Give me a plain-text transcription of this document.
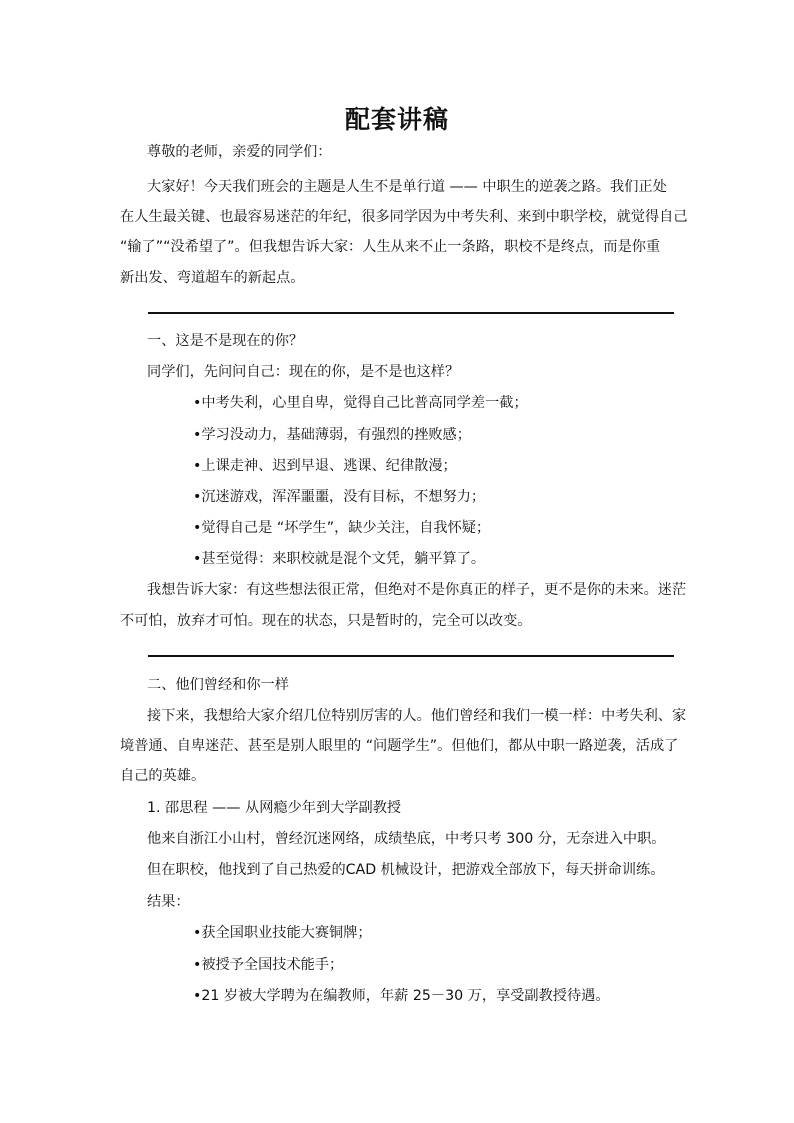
配套讲稿
尊敬的老师，亲爱的同学们：
大家好！今天我们班会的主题是人生不是单行道 —— 中职生的逆袭之路。我们正处
在人生最关键、也最容易迷茫的年纪，很多同学因为中考失利、来到中职学校，就觉得自己
“输了”“没希望了”。但我想告诉大家：人生从来不止一条路，职校不是终点，而是你重
新出发、弯道超车的新起点。
一、这是不是现在的你？
同学们，先问问自己：现在的你，是不是也这样？
•中考失利，心里自卑，觉得自己比普高同学差一截；
•学习没动力，基础薄弱，有强烈的挫败感；
•上课走神、迟到早退、逃课、纪律散漫；
•沉迷游戏，浑浑噩噩，没有目标，不想努力；
•觉得自己是 “坏学生”，缺少关注，自我怀疑；
•甚至觉得：来职校就是混个文凭，躺平算了。
我想告诉大家：有这些想法很正常，但绝对不是你真正的样子，更不是你的未来。迷茫
不可怕，放弃才可怕。现在的状态，只是暂时的，完全可以改变。
二、他们曾经和你一样
接下来，我想给大家介绍几位特别厉害的人。他们曾经和我们一模一样：中考失利、家
境普通、自卑迷茫、甚至是别人眼里的 “问题学生”。但他们，都从中职一路逆袭，活成了
自己的英雄。
1. 邵思程 —— 从网瘾少年到大学副教授
他来自浙江小山村，曾经沉迷网络，成绩垫底，中考只考 300 分，无奈进入中职。
但在职校，他找到了自己热爱的CAD 机械设计，把游戏全部放下，每天拼命训练。
结果：
•获全国职业技能大赛铜牌；
•被授予全国技术能手；
•21 岁被大学聘为在编教师，年薪 25－30 万，享受副教授待遇。
